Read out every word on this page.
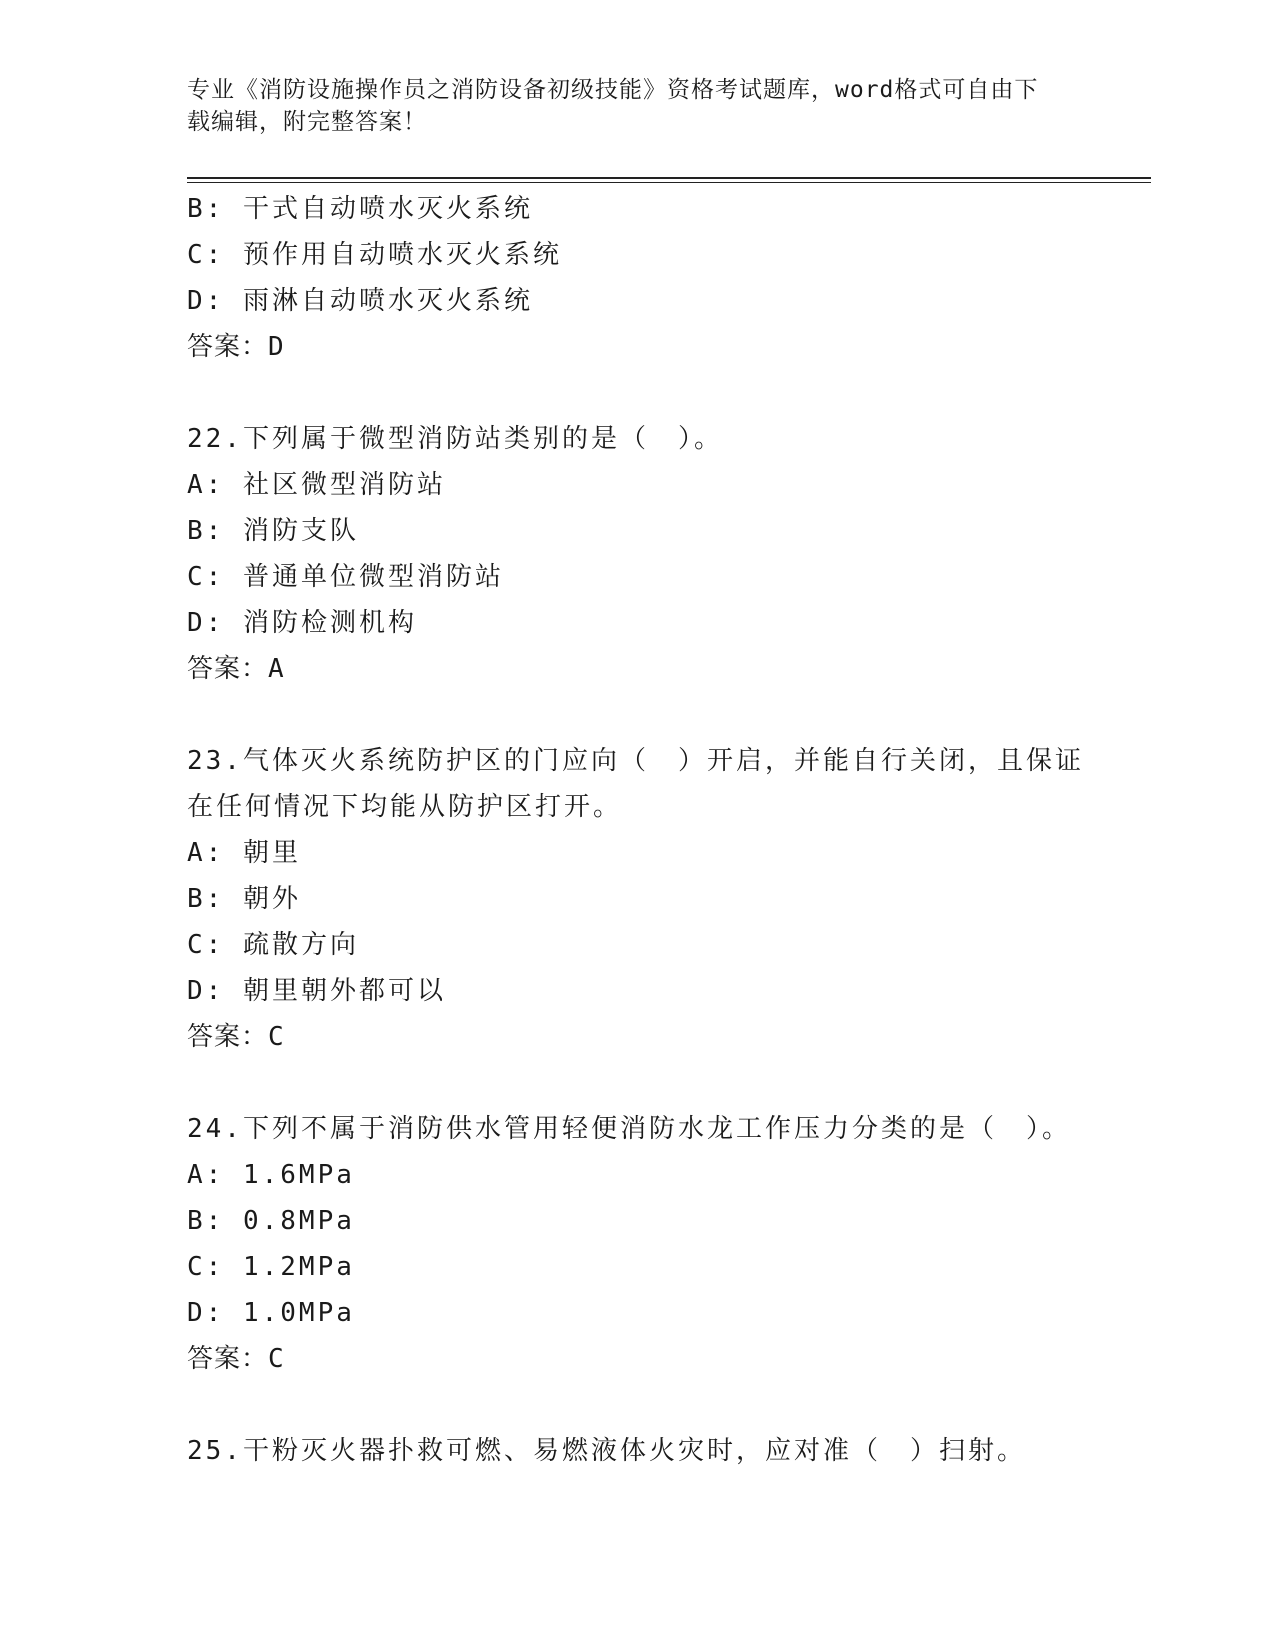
专业《消防设施操作员之消防设备初级技能》资格考试题库，word格式可自由下

载编辑，附完整答案！

B: 干式自动喷水灭火系统
C: 预作用自动喷水灭火系统
D: 雨淋自动喷水灭火系统
答案：D
22.下列属于微型消防站类别的是（　）。
A: 社区微型消防站
B: 消防支队
C: 普通单位微型消防站
D: 消防检测机构
答案：A
23.气体灭火系统防护区的门应向（　）开启，并能自行关闭，且保证
在任何情况下均能从防护区打开。
A: 朝里
B: 朝外
C: 疏散方向
D: 朝里朝外都可以
答案：C
24.下列不属于消防供水管用轻便消防水龙工作压力分类的是（　）。
A: 1.6MPa
B: 0.8MPa
C: 1.2MPa
D: 1.0MPa
答案：C
25.干粉灭火器扑救可燃、易燃液体火灾时，应对准（　）扫射。
